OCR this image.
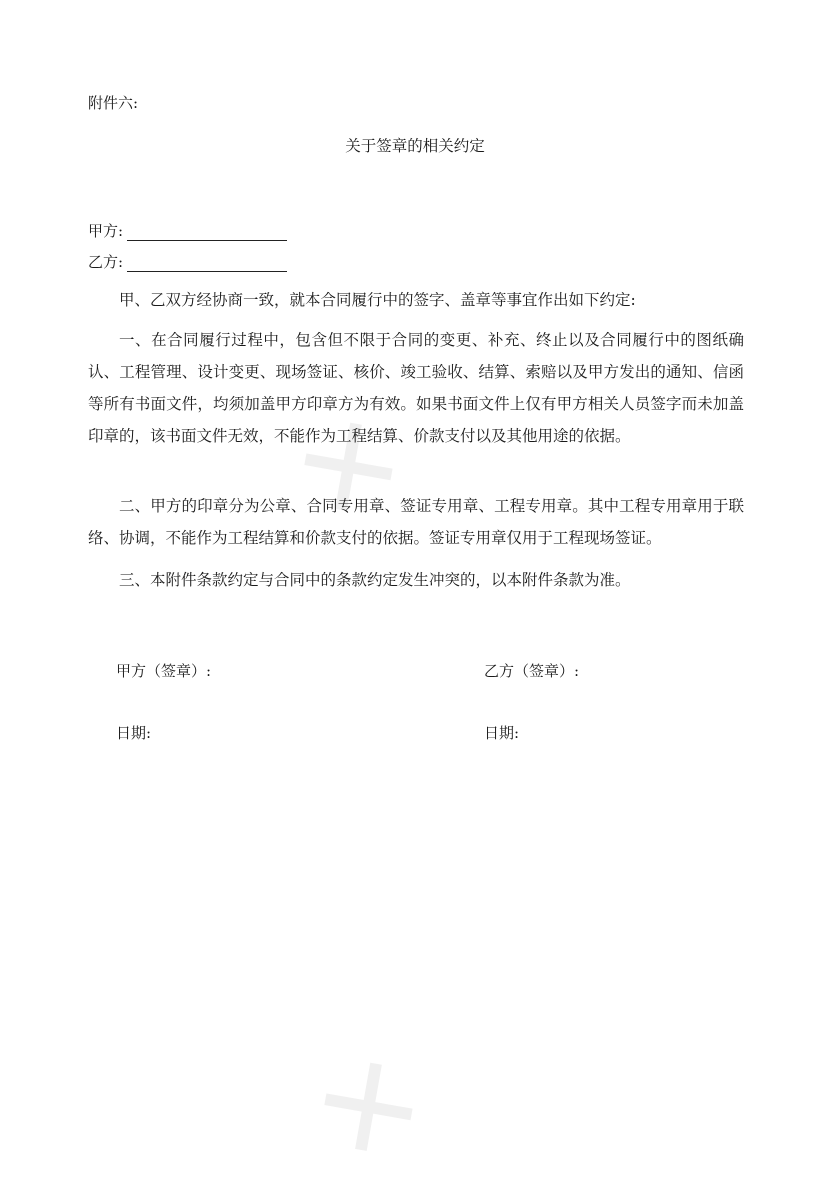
✕
✕
附件六:
关于签章的相关约定
甲方:
乙方:

甲、乙双方经协商一致，就本合同履行中的签字、盖章等事宜作出如下约定:

一、在合同履行过程中，包含但不限于合同的变更、补充、终止以及合同履行中的图纸确认、工程管理、设计变更、现场签证、核价、竣工验收、结算、索赔以及甲方发出的通知、信函等所有书面文件，均须加盖甲方印章方为有效。如果书面文件上仅有甲方相关人员签字而未加盖印章的，该书面文件无效，不能作为工程结算、价款支付以及其他用途的依据。

二、甲方的印章分为公章、合同专用章、签证专用章、工程专用章。其中工程专用章用于联络、协调，不能作为工程结算和价款支付的依据。签证专用章仅用于工程现场签证。

三、本附件条款约定与合同中的条款约定发生冲突的，以本附件条款为准。

甲方（签章）:	乙方（签章）:
日期:	日期:
